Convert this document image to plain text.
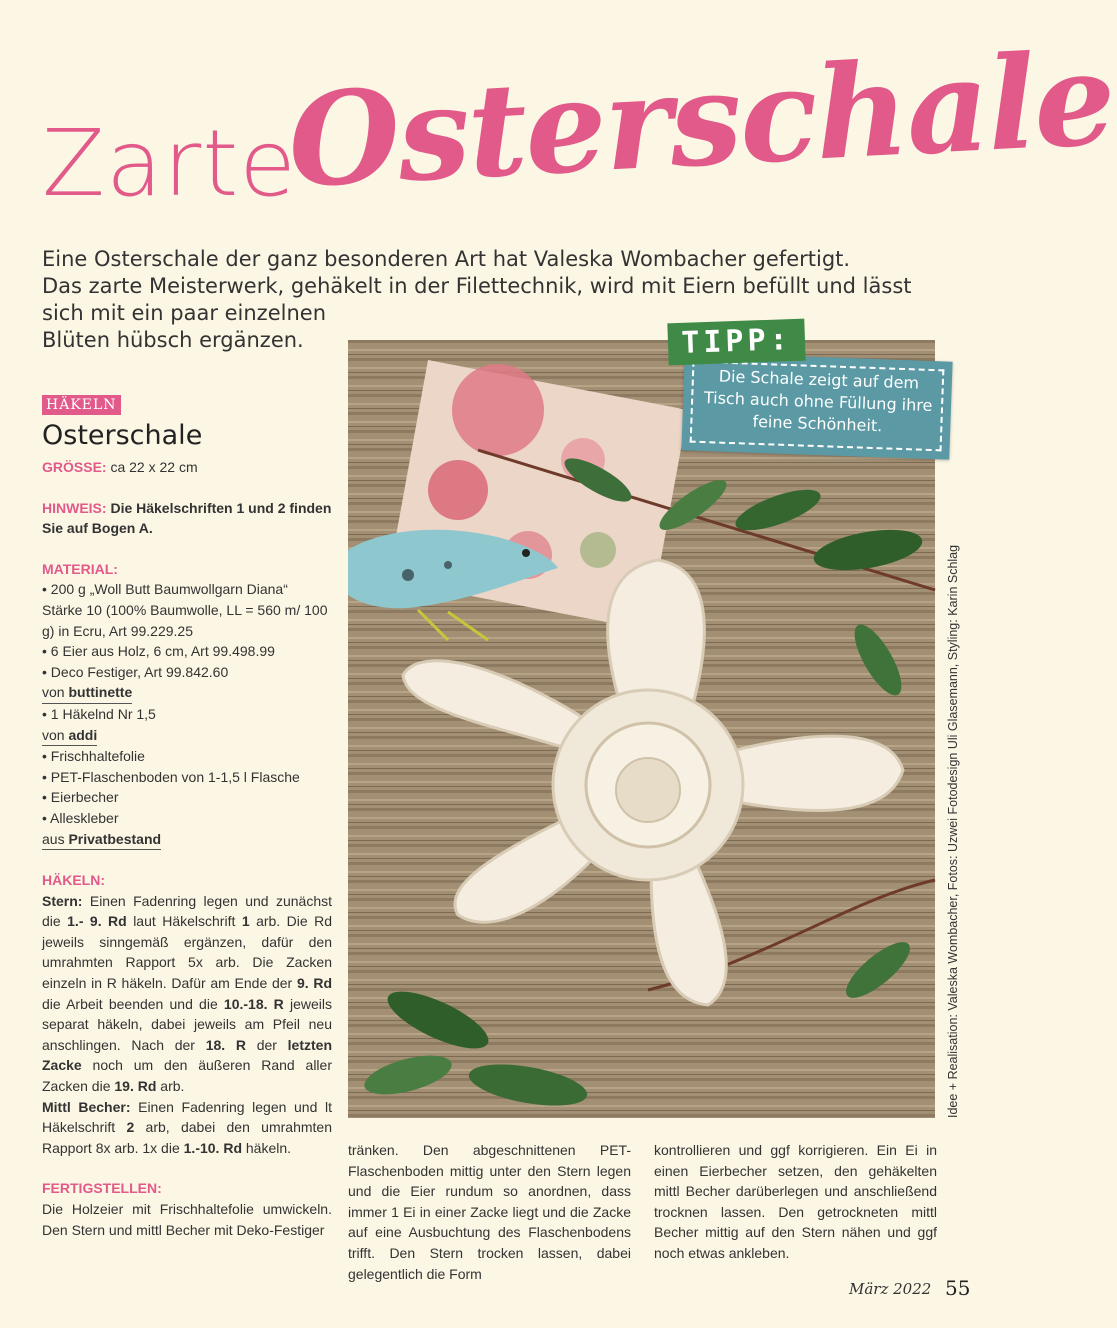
Zarte
Osterschale
Eine Osterschale der ganz besonderen Art hat Valeska Wombacher gefertigt.
Das zarte Meisterwerk, gehäkelt in der Filettechnik, wird mit Eiern befüllt und lässt
sich mit ein paar einzelnen
Blüten hübsch ergänzen.
HÄKELN
Osterschale
GRÖSSE: ca 22 x 22 cm
HINWEIS: Die Häkelschriften 1 und 2 finden Sie auf Bogen A.
MATERIAL:
• 200 g „Woll Butt Baumwollgarn Diana“ Stärke 10 (100% Baumwolle, LL = 560 m/ 100 g) in Ecru, Art 99.229.25
• 6 Eier aus Holz, 6 cm, Art 99.498.99
• Deco Festiger, Art 99.842.60
von buttinette
• 1 Häkelnd Nr 1,5
von addi
• Frischhaltefolie
• PET-Flaschenboden von 1-1,5 l Flasche
• Eierbecher
• Alleskleber
aus Privatbestand
HÄKELN:
Stern: Einen Fadenring legen und zunächst die 1.- 9. Rd laut Häkelschrift 1 arb. Die Rd jeweils sinngemäß ergänzen, dafür den umrahmten Rapport 5x arb. Die Zacken einzeln in R häkeln. Dafür am Ende der 9. Rd die Arbeit beenden und die 10.-18. R jeweils separat häkeln, dabei jeweils am Pfeil neu anschlingen. Nach der 18. R der letzten Zacke noch um den äußeren Rand aller Zacken die 19. Rd arb.
Mittl Becher: Einen Fadenring legen und lt Häkelschrift 2 arb, dabei den umrahmten Rapport 8x arb. 1x die 1.-10. Rd häkeln.
FERTIGSTELLEN:
Die Holzeier mit Frischhaltefolie umwickeln. Den Stern und mittl Becher mit Deko-Festiger
Die Schale zeigt auf dem Tisch auch ohne Füllung ihre feine Schönheit.
TIPP:
Idee + Realisation: Valeska Wombacher, Fotos: Uzwei Fotodesign Uli Glasemann, Styling: Karin Schlag
tränken. Den abgeschnittenen PET-Flaschenboden mittig unter den Stern legen und die Eier rundum so anordnen, dass immer 1 Ei in einer Zacke liegt und die Zacke auf eine Ausbuchtung des Flaschenbodens trifft. Den Stern trocken lassen, dabei gelegentlich die Form
kontrollieren und ggf korrigieren. Ein Ei in einen Eierbecher setzen, den gehäkelten mittl Becher darüberlegen und anschließend trocknen lassen. Den getrockneten mittl Becher mittig auf den Stern nähen und ggf noch etwas ankleben.
März 2022 55
